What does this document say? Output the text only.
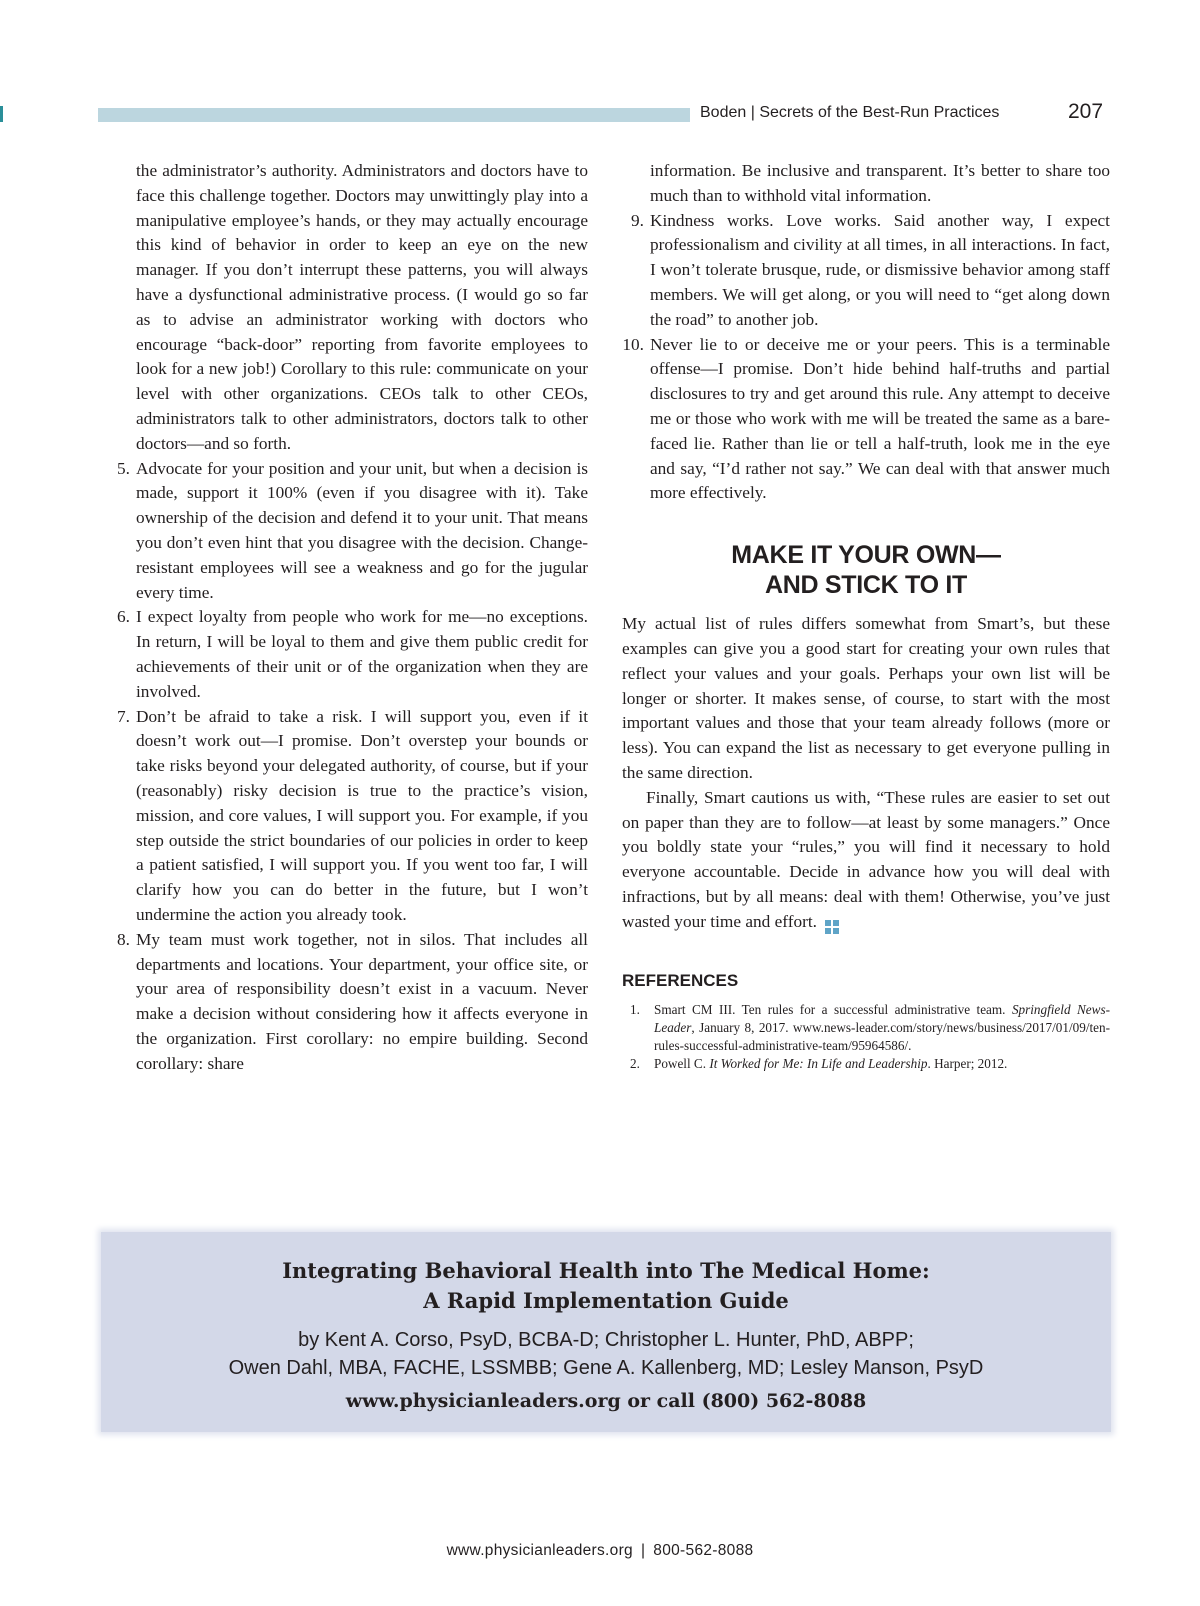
Boden | Secrets of the Best-Run Practices	207

the administrator’s authority. Administrators and doctors have to face this challenge together. Doctors may unwittingly play into a manipulative employee’s hands, or they may actually encourage this kind of behavior in order to keep an eye on the new manager. If you don’t interrupt these patterns, you will always have a dysfunctional administrative process. (I would go so far as to advise an administrator working with doctors who encourage “back-door” reporting from favorite employees to look for a new job!) Corollary to this rule: communicate on your level with other organizations. CEOs talk to other CEOs, administrators talk to other administrators, doctors talk to other doctors—and so forth.

5. Advocate for your position and your unit, but when a decision is made, support it 100% (even if you disagree with it). Take ownership of the decision and defend it to your unit. That means you don’t even hint that you disagree with the decision. Change-resistant employees will see a weakness and go for the jugular every time.
6. I expect loyalty from people who work for me—no exceptions. In return, I will be loyal to them and give them public credit for achievements of their unit or of the organization when they are involved.
7. Don’t be afraid to take a risk. I will support you, even if it doesn’t work out—I promise. Don’t overstep your bounds or take risks beyond your delegated authority, of course, but if your (reasonably) risky decision is true to the practice’s vision, mission, and core values, I will support you. For example, if you step outside the strict boundaries of our policies in order to keep a patient satisfied, I will support you. If you went too far, I will clarify how you can do better in the future, but I won’t undermine the action you already took.
8. My team must work together, not in silos. That includes all departments and locations. Your department, your office site, or your area of responsibility doesn’t exist in a vacuum. Never make a decision without considering how it affects everyone in the organization. First corollary: no empire building. Second corollary: share

information. Be inclusive and transparent. It’s better to share too much than to withhold vital information.

9. Kindness works. Love works. Said another way, I expect professionalism and civility at all times, in all interactions. In fact, I won’t tolerate brusque, rude, or dismissive behavior among staff members. We will get along, or you will need to “get along down the road” to another job.
10. Never lie to or deceive me or your peers. This is a terminable offense—I promise. Don’t hide behind half-truths and partial disclosures to try and get around this rule. Any attempt to deceive me or those who work with me will be treated the same as a bare-faced lie. Rather than lie or tell a half-truth, look me in the eye and say, “I’d rather not say.” We can deal with that answer much more effectively.
MAKE IT YOUR OWN—
AND STICK TO IT

My actual list of rules differs somewhat from Smart’s, but these examples can give you a good start for creating your own rules that reflect your values and your goals. Perhaps your own list will be longer or shorter. It makes sense, of course, to start with the most important values and those that your team already follows (more or less). You can expand the list as necessary to get everyone pulling in the same direction.

Finally, Smart cautions us with, “These rules are easier to set out on paper than they are to follow—at least by some managers.” Once you boldly state your “rules,” you will find it necessary to hold everyone accountable. Decide in advance how you will deal with infractions, but by all means: deal with them! Otherwise, you’ve just wasted your time and effort.

REFERENCES
1. Smart CM III. Ten rules for a successful administrative team. Springfield News-Leader, January 8, 2017. www.news-leader.com/story/news/business/2017/01/09/ten-rules-successful-administrative-team/95964586/.
2. Powell C. It Worked for Me: In Life and Leadership. Harper; 2012.
Integrating Behavioral Health into The Medical Home:
A Rapid Implementation Guide
by Kent A. Corso, PsyD, BCBA-D; Christopher L. Hunter, PhD, ABPP;
Owen Dahl, MBA, FACHE, LSSMBB; Gene A. Kallenberg, MD; Lesley Manson, PsyD
www.physicianleaders.org or call (800) 562-8088
www.physicianleaders.org | 800-562-8088
